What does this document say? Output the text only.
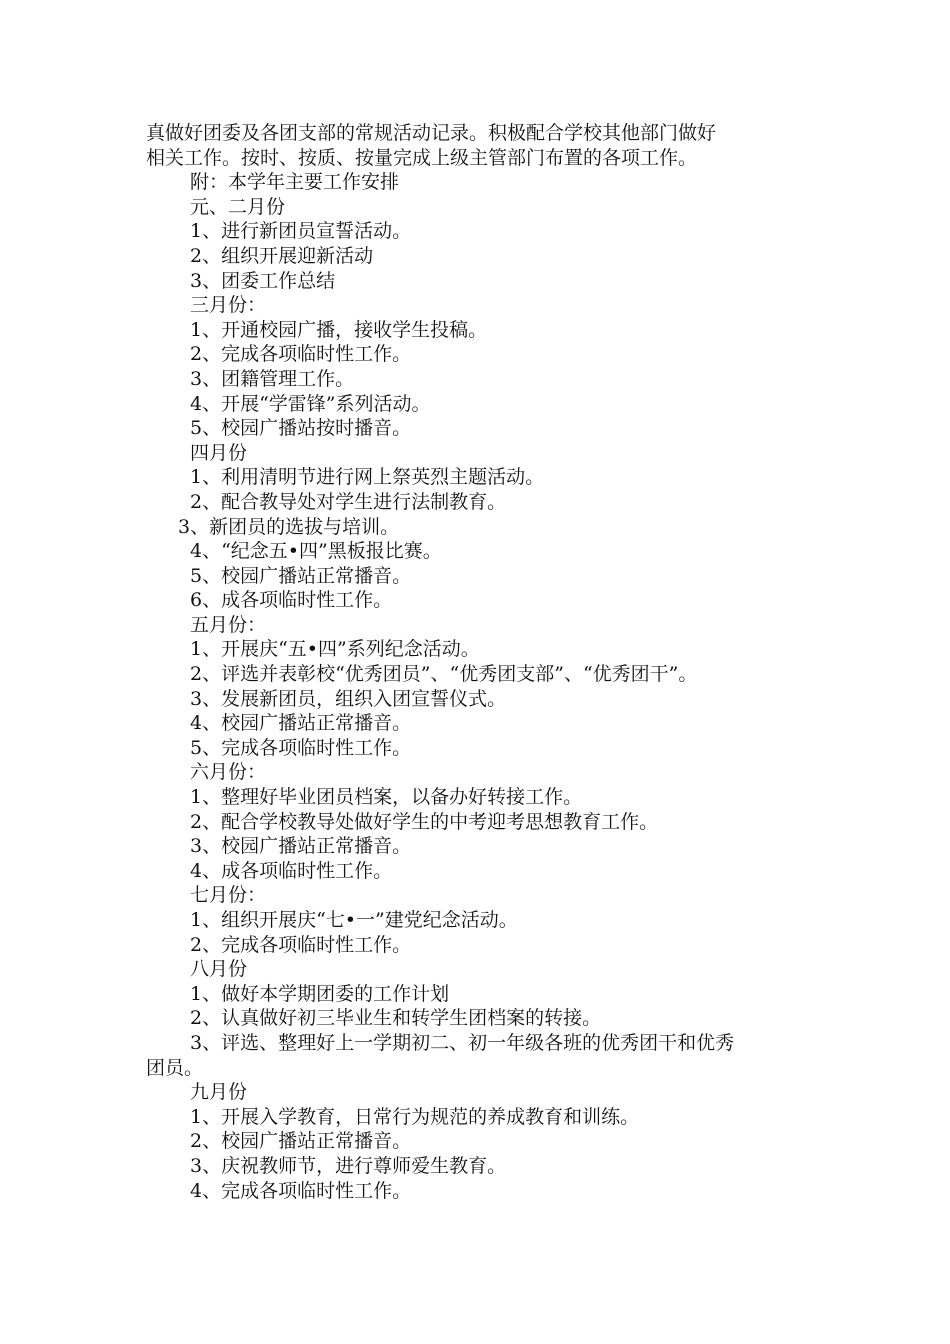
真做好团委及各团支部的常规活动记录。积极配合学校其他部门做好
相关工作。按时、按质、按量完成上级主管部门布置的各项工作。
附：本学年主要工作安排
元、二月份
1、进行新团员宣誓活动。
2、组织开展迎新活动
3、团委工作总结
三月份：
1、开通校园广播，接收学生投稿。
2、完成各项临时性工作。
3、团籍管理工作。
4、开展“学雷锋”系列活动。
5、校园广播站按时播音。
四月份
1、利用清明节进行网上祭英烈主题活动。
2、配合教导处对学生进行法制教育。
3、新团员的选拔与培训。
4、“纪念五•四”黑板报比赛。
5、校园广播站正常播音。
6、成各项临时性工作。
五月份：
1、开展庆“五•四”系列纪念活动。
2、评选并表彰校“优秀团员”、“优秀团支部”、“优秀团干”。
3、发展新团员，组织入团宣誓仪式。
4、校园广播站正常播音。
5、完成各项临时性工作。
六月份：
1、整理好毕业团员档案，以备办好转接工作。
2、配合学校教导处做好学生的中考迎考思想教育工作。
3、校园广播站正常播音。
4、成各项临时性工作。
七月份：
1、组织开展庆“七•一”建党纪念活动。
2、完成各项临时性工作。
八月份
1、做好本学期团委的工作计划
2、认真做好初三毕业生和转学生团档案的转接。
3、评选、整理好上一学期初二、初一年级各班的优秀团干和优秀
团员。
九月份
1、开展入学教育，日常行为规范的养成教育和训练。
2、校园广播站正常播音。
3、庆祝教师节，进行尊师爱生教育。
4、完成各项临时性工作。
